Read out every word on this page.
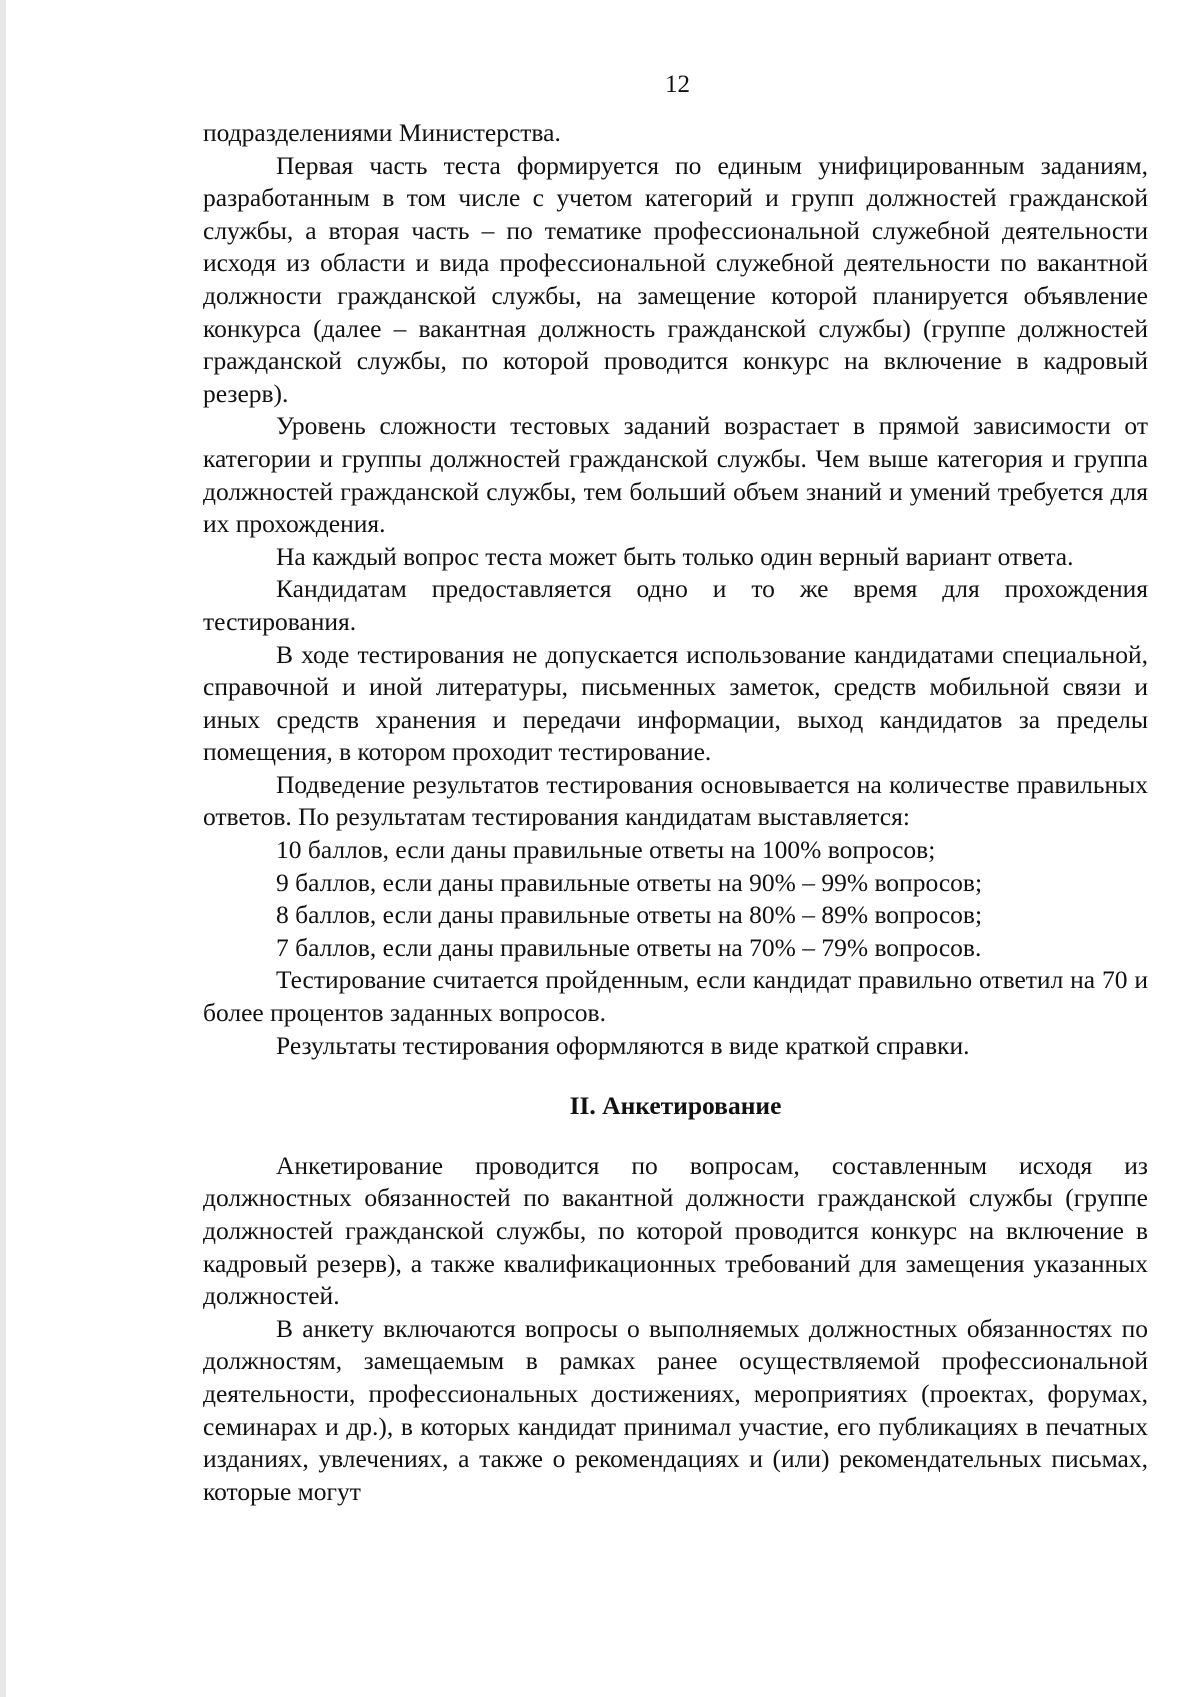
12

подразделениями Министерства.

Первая часть теста формируется по единым унифицированным заданиям, разработанным в том числе с учетом категорий и групп должностей гражданской службы, а вторая часть – по тематике профессиональной служебной деятельности исходя из области и вида профессиональной служебной деятельности по вакантной должности гражданской службы, на замещение которой планируется объявление конкурса (далее – вакантная должность гражданской службы) (группе должностей гражданской службы, по которой проводится конкурс на включение в кадровый резерв).

Уровень сложности тестовых заданий возрастает в прямой зависимости от категории и группы должностей гражданской службы. Чем выше категория и группа должностей гражданской службы, тем больший объем знаний и умений требуется для их прохождения.

На каждый вопрос теста может быть только один верный вариант ответа.

Кандидатам предоставляется одно и то же время для прохождения тестирования.

В ходе тестирования не допускается использование кандидатами специальной, справочной и иной литературы, письменных заметок, средств мобильной связи и иных средств хранения и передачи информации, выход кандидатов за пределы помещения, в котором проходит тестирование.

Подведение результатов тестирования основывается на количестве правильных ответов. По результатам тестирования кандидатам выставляется:

10 баллов, если даны правильные ответы на 100% вопросов;

9 баллов, если даны правильные ответы на 90% – 99% вопросов;

8 баллов, если даны правильные ответы на 80% – 89% вопросов;

7 баллов, если даны правильные ответы на 70% – 79% вопросов.

Тестирование считается пройденным, если кандидат правильно ответил на 70 и более процентов заданных вопросов.

Результаты тестирования оформляются в виде краткой справки.

II. Анкетирование

Анкетирование проводится по вопросам, составленным исходя из должностных обязанностей по вакантной должности гражданской службы (группе должностей гражданской службы, по которой проводится конкурс на включение в кадровый резерв), а также квалификационных требований для замещения указанных должностей.

В анкету включаются вопросы о выполняемых должностных обязанностях по должностям, замещаемым в рамках ранее осуществляемой профессиональной деятельности, профессиональных достижениях, мероприятиях (проектах, форумах, семинарах и др.), в которых кандидат принимал участие, его публикациях в печатных изданиях, увлечениях, а также о рекомендациях и (или) рекомендательных письмах, которые могут
